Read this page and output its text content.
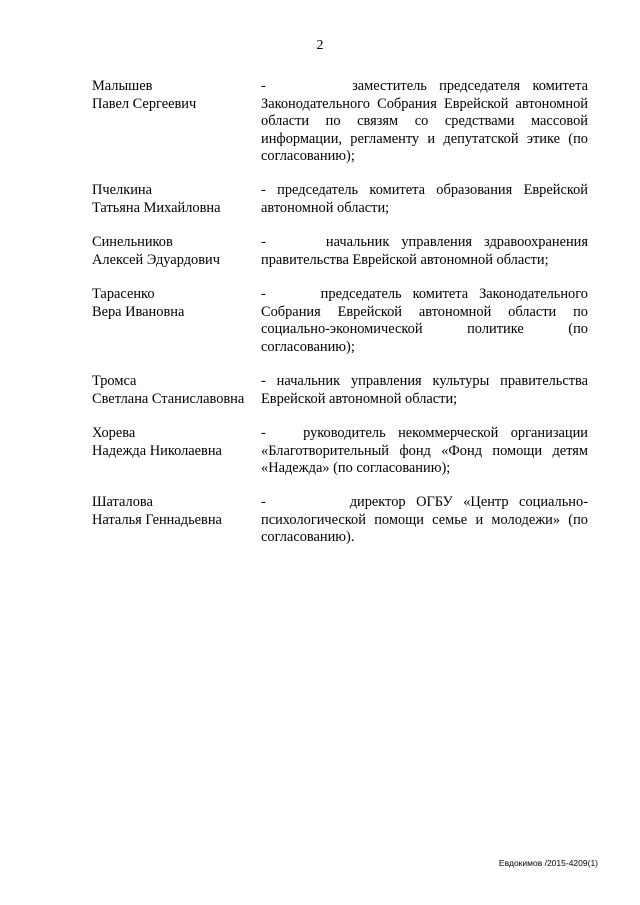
2
Малышев
Павел Сергеевич
-       заместитель председателя комитета Законодательного Собрания Еврейской автономной области по связям со средствами массовой информации, регламенту и депутатской этике (по согласованию);
Пчелкина
Татьяна Михайловна
- председатель комитета образования Еврейской автономной области;
Синельников
Алексей Эдуардович
-     начальник управления здравоохранения правительства Еврейской автономной области;
Тарасенко
Вера Ивановна
-     председатель комитета Законодательного Собрания Еврейской автономной области по социально-экономической политике (по согласованию);
Тромса
Светлана Станиславовна
- начальник управления культуры правительства Еврейской автономной области;
Хорева
Надежда Николаевна
-   руководитель некоммерческой организации «Благотворительный фонд «Фонд помощи детям «Надежда» (по согласованию);
Шаталова
Наталья Геннадьевна
-        директор ОГБУ «Центр социально-психологической помощи семье и молодежи» (по согласованию).
Евдокимов /2015-4209(1)
